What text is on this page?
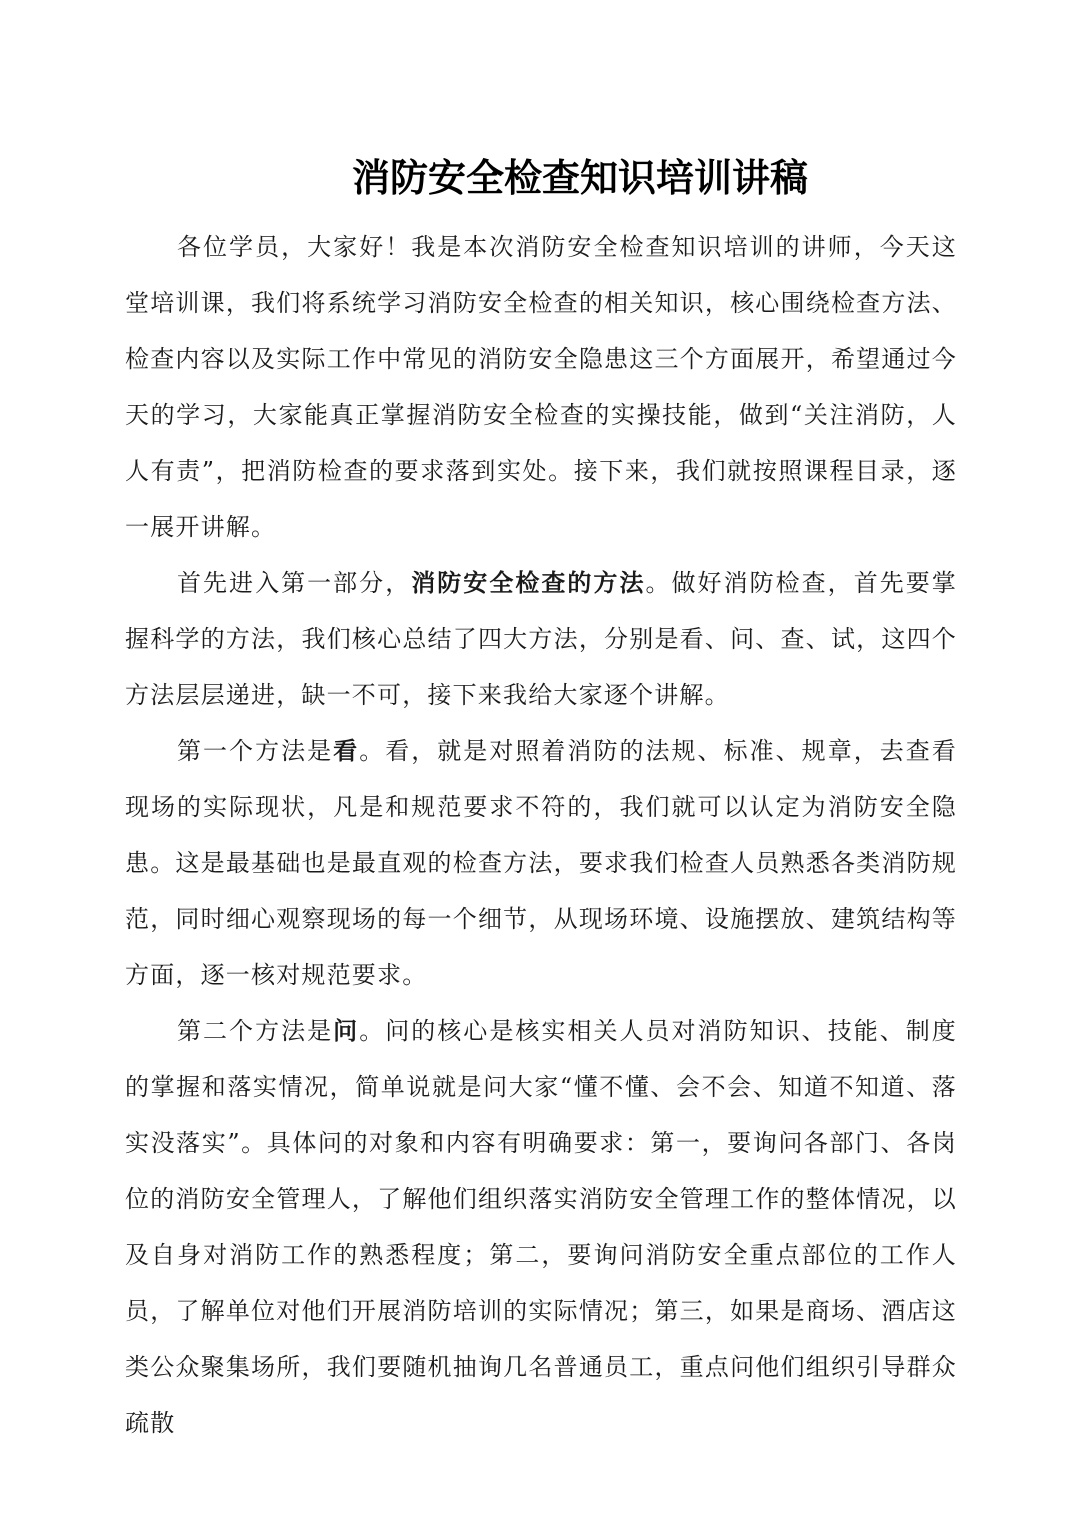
消防安全检查知识培训讲稿

各位学员，大家好！我是本次消防安全检查知识培训的讲师，今天这堂培训课，我们将系统学习消防安全检查的相关知识，核心围绕检查方法、检查内容以及实际工作中常见的消防安全隐患这三个方面展开，希望通过今天的学习，大家能真正掌握消防安全检查的实操技能，做到“关注消防，人人有责”，把消防检查的要求落到实处。接下来，我们就按照课程目录，逐一展开讲解。

首先进入第一部分，消防安全检查的方法。做好消防检查，首先要掌握科学的方法，我们核心总结了四大方法，分别是看、问、查、试，这四个方法层层递进，缺一不可，接下来我给大家逐个讲解。

第一个方法是看。看，就是对照着消防的法规、标准、规章，去查看现场的实际现状，凡是和规范要求不符的，我们就可以认定为消防安全隐患。这是最基础也是最直观的检查方法，要求我们检查人员熟悉各类消防规范，同时细心观察现场的每一个细节，从现场环境、设施摆放、建筑结构等方面，逐一核对规范要求。

第二个方法是问。问的核心是核实相关人员对消防知识、技能、制度的掌握和落实情况，简单说就是问大家“懂不懂、会不会、知道不知道、落实没落实”。具体问的对象和内容有明确要求：第一，要询问各部门、各岗位的消防安全管理人，了解他们组织落实消防安全管理工作的整体情况，以及自身对消防工作的熟悉程度；第二，要询问消防安全重点部位的工作人员，了解单位对他们开展消防培训的实际情况；第三，如果是商场、酒店这类公众聚集场所，我们要随机抽询几名普通员工，重点问他们组织引导群众疏散
